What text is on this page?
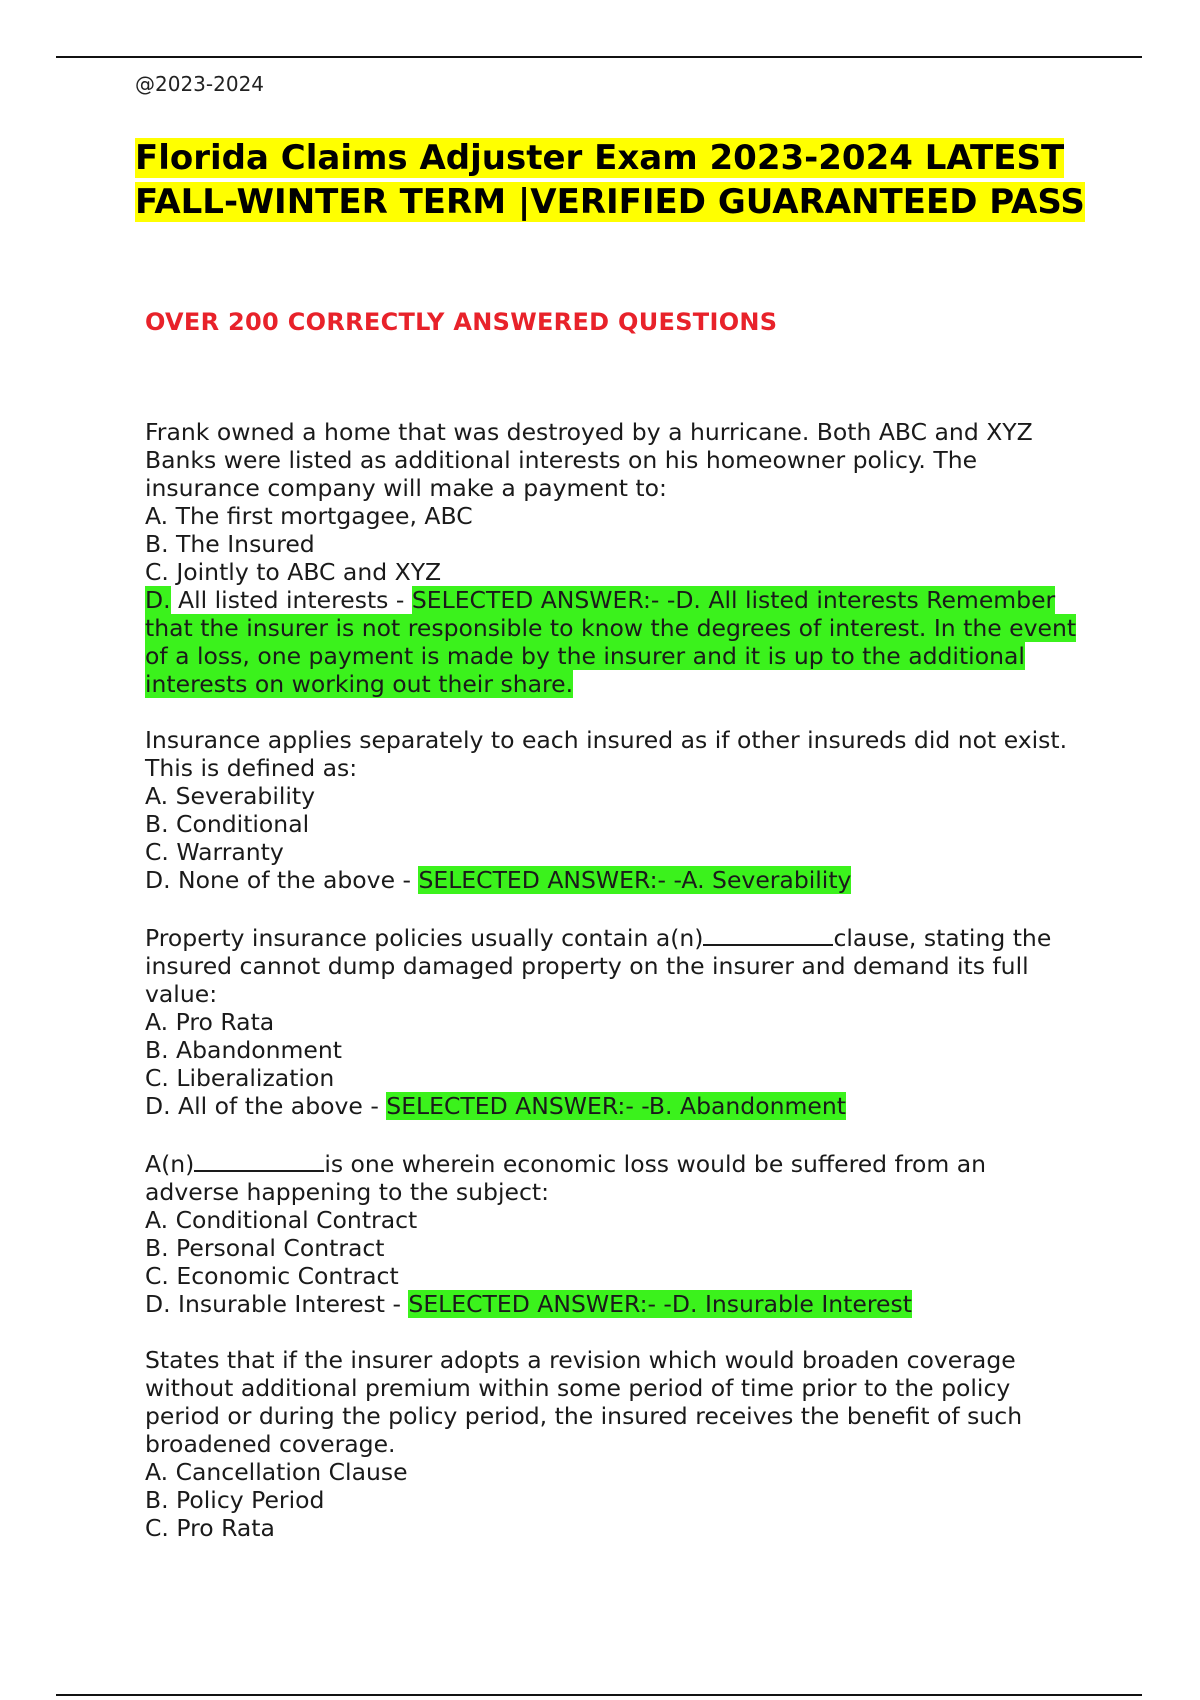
@2023-2024
Florida Claims Adjuster Exam 2023-2024 LATEST FALL-WINTER TERM |VERIFIED GUARANTEED PASS
OVER 200 CORRECTLY ANSWERED QUESTIONS

Frank owned a home that was destroyed by a hurricane. Both ABC and XYZ Banks were listed as additional interests on his homeowner policy. The insurance company will make a payment to:

A. The first mortgagee, ABC
B. The Insured
C. Jointly to ABC and XYZ
D. All listed interests - SELECTED ANSWER:- -D. All listed interests Remember that the insurer is not responsible to know the degrees of interest. In the event of a loss, one payment is made by the insurer and it is up to the additional interests on working out their share.

Insurance applies separately to each insured as if other insureds did not exist. This is defined as:

A. Severability
B. Conditional
C. Warranty
D. None of the above - SELECTED ANSWER:- -A. Severability

Property insurance policies usually contain a(n)	clause, stating the insured cannot dump damaged property on the insurer and demand its full value:

A. Pro Rata
B. Abandonment
C. Liberalization
D. All of the above - SELECTED ANSWER:- -B. Abandonment

A(n)	is one wherein economic loss would be suffered from an adverse happening to the subject:

A. Conditional Contract
B. Personal Contract
C. Economic Contract
D. Insurable Interest - SELECTED ANSWER:- -D. Insurable Interest

States that if the insurer adopts a revision which would broaden coverage without additional premium within some period of time prior to the policy period or during the policy period, the insured receives the benefit of such broadened coverage.

A. Cancellation Clause
B. Policy Period
C. Pro Rata
